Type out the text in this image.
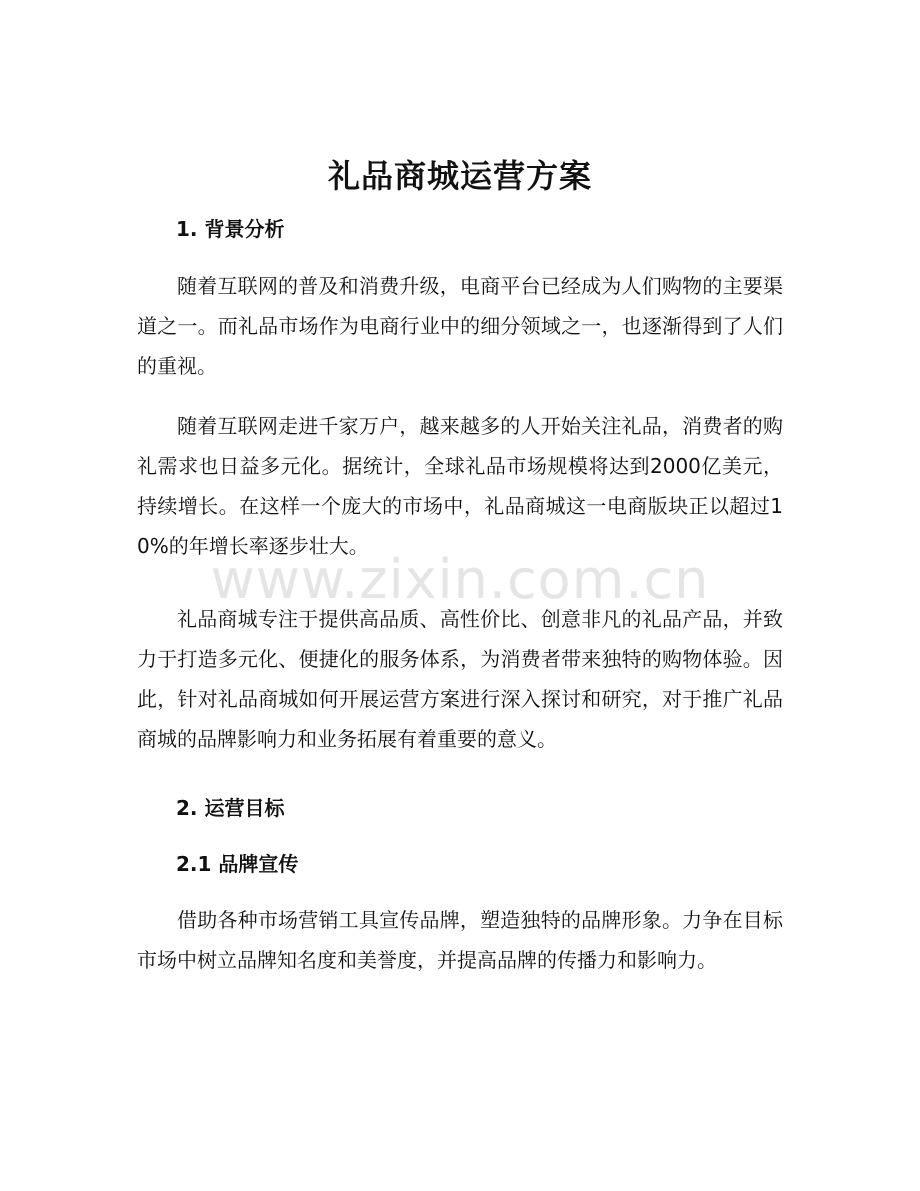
礼品商城运营方案
1. 背景分析

随着互联网的普及和消费升级，电商平台已经成为人们购物的主要渠道之一。而礼品市场作为电商行业中的细分领域之一，也逐渐得到了人们的重视。

随着互联网走进千家万户，越来越多的人开始关注礼品，消费者的购礼需求也日益多元化。据统计，全球礼品市场规模将达到2000亿美元，持续增长。在这样一个庞大的市场中，礼品商城这一电商版块正以超过10%的年增长率逐步壮大。

礼品商城专注于提供高品质、高性价比、创意非凡的礼品产品，并致力于打造多元化、便捷化的服务体系，为消费者带来独特的购物体验。因此，针对礼品商城如何开展运营方案进行深入探讨和研究，对于推广礼品商城的品牌影响力和业务拓展有着重要的意义。

2. 运营目标
2.1 品牌宣传

借助各种市场营销工具宣传品牌，塑造独特的品牌形象。力争在目标市场中树立品牌知名度和美誉度，并提高品牌的传播力和影响力。

www.zixin.com.cn
